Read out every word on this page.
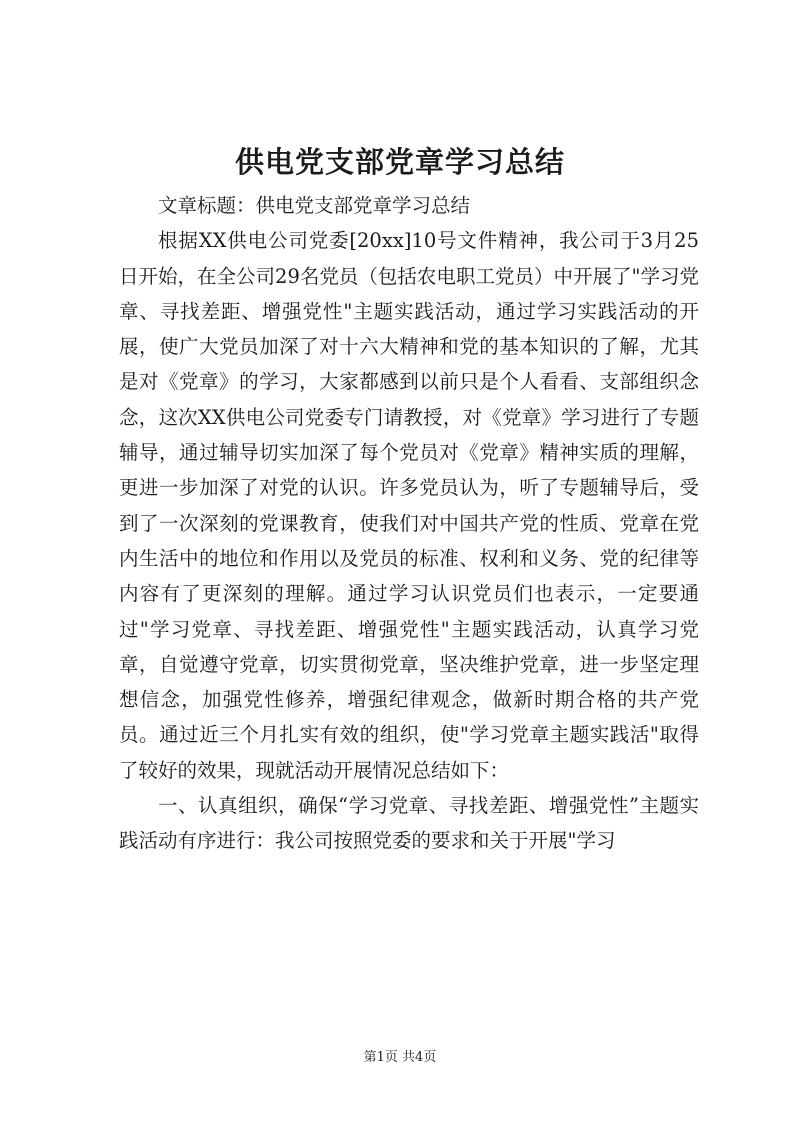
供电党支部党章学习总结

文章标题：供电党支部党章学习总结

根据XX供电公司党委[20xx]10号文件精神，我公司于3月25日开始，在全公司29名党员（包括农电职工党员）中开展了"学习党章、寻找差距、增强党性"主题实践活动，通过学习实践活动的开展，使广大党员加深了对十六大精神和党的基本知识的了解，尤其是对《党章》的学习，大家都感到以前只是个人看看、支部组织念念，这次XX供电公司党委专门请教授，对《党章》学习进行了专题辅导，通过辅导切实加深了每个党员对《党章》精神实质的理解，更进一步加深了对党的认识。许多党员认为，听了专题辅导后，受到了一次深刻的党课教育，使我们对中国共产党的性质、党章在党内生活中的地位和作用以及党员的标准、权利和义务、党的纪律等内容有了更深刻的理解。通过学习认识党员们也表示，一定要通过"学习党章、寻找差距、增强党性"主题实践活动，认真学习党章，自觉遵守党章，切实贯彻党章，坚决维护党章，进一步坚定理想信念，加强党性修养，增强纪律观念，做新时期合格的共产党员。通过近三个月扎实有效的组织，使"学习党章主题实践活"取得了较好的效果，现就活动开展情况总结如下：

一、认真组织，确保“学习党章、寻找差距、增强党性”主题实践活动有序进行：我公司按照党委的要求和关于开展"学习

第1页 共4页
